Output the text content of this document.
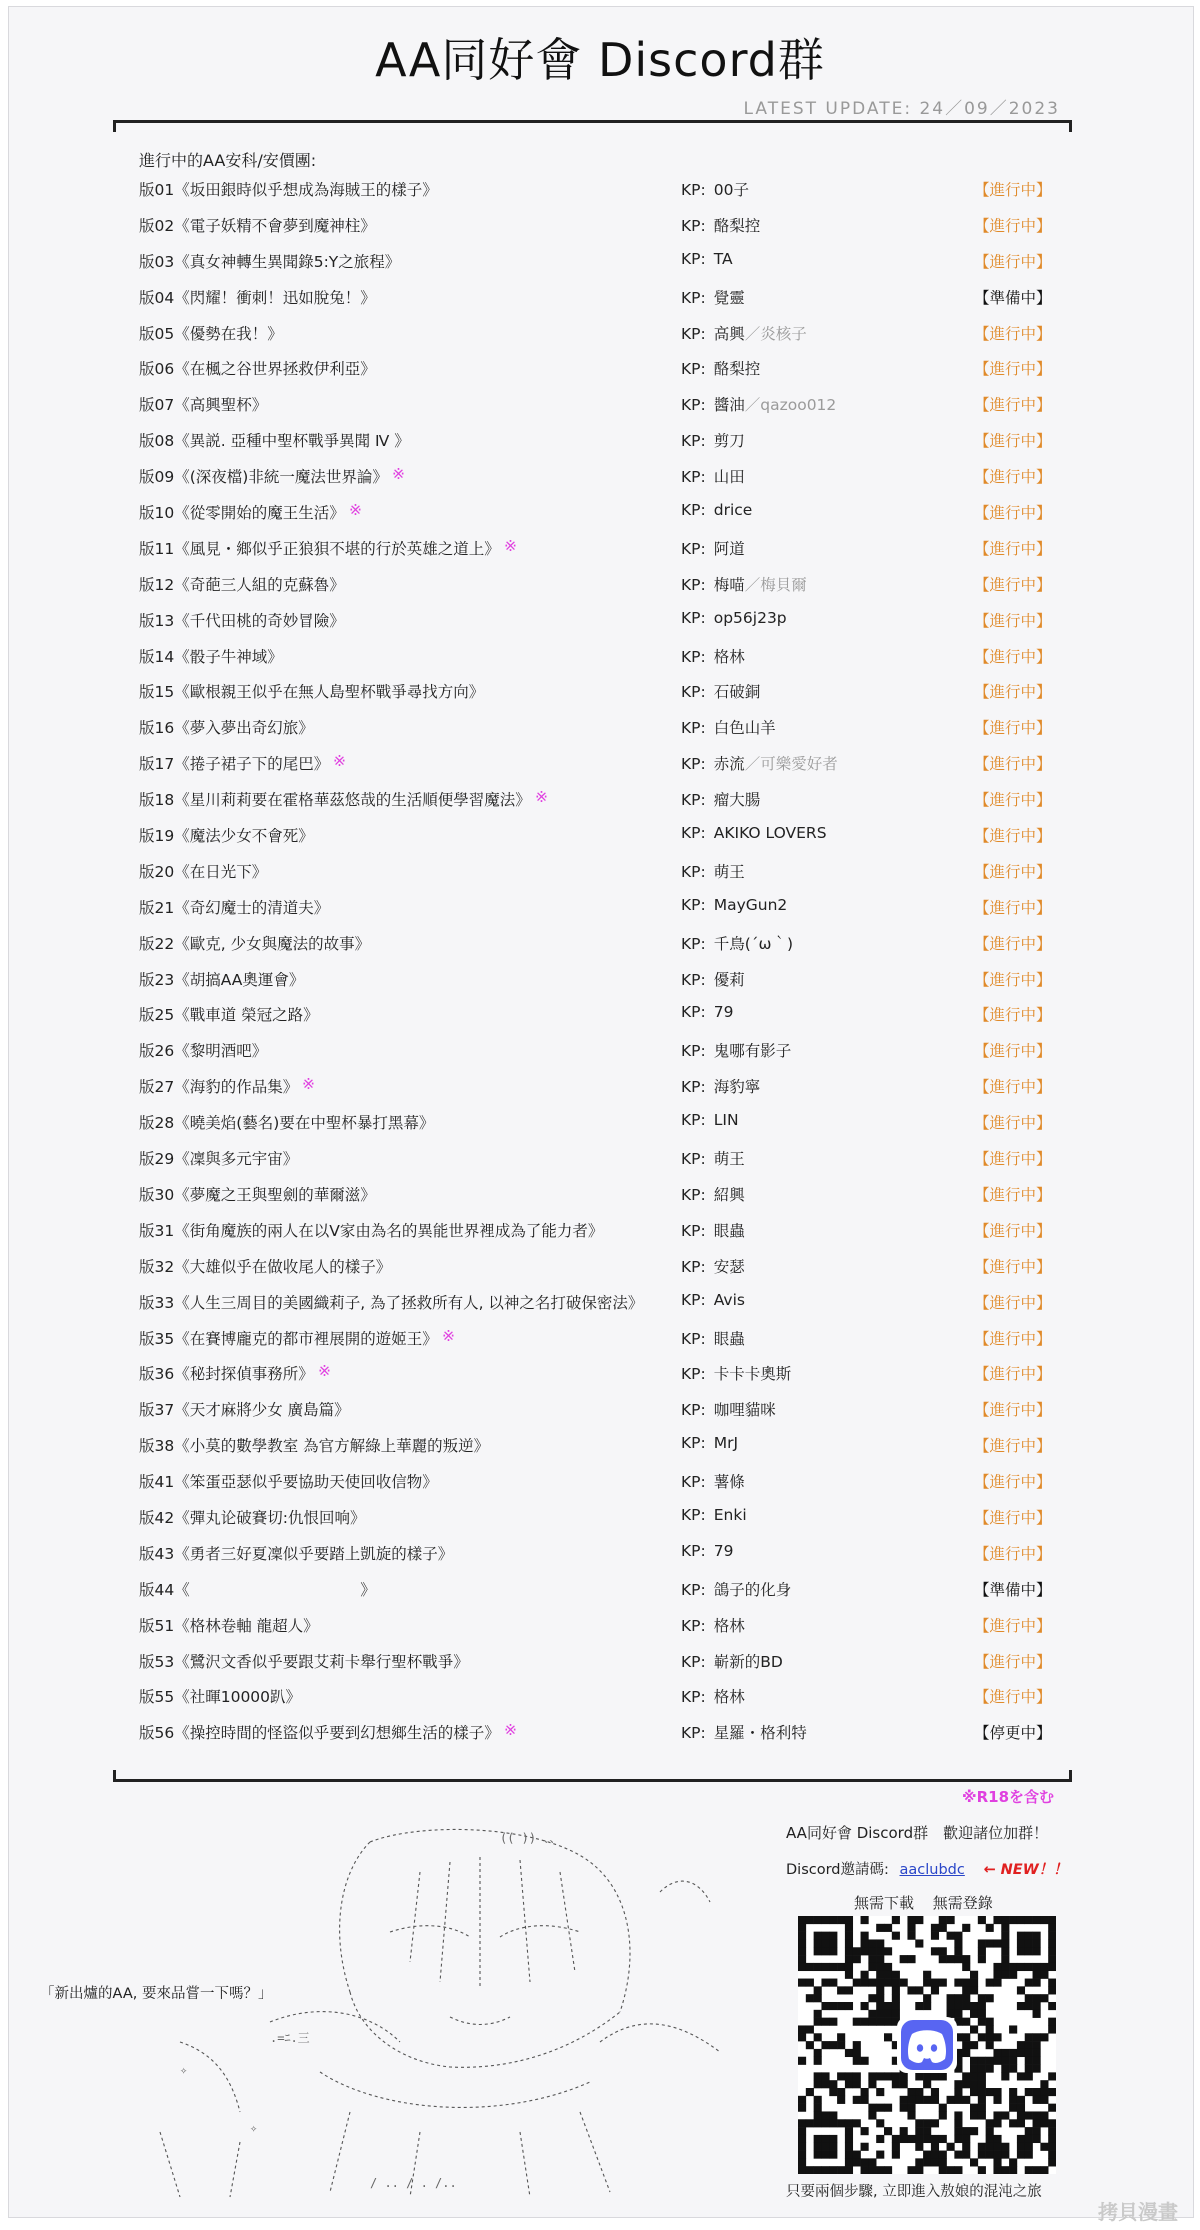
AA同好會 Discord群
LATEST UPDATE: 24／09／2023
進行中的AA安科/安價團:
版01《坂田銀時似乎想成為海賊王的樣子》	KP: 00子	【進行中】
版02《電子妖精不會夢到魔神柱》	KP: 酪梨控	【進行中】
版03《真女神轉生異聞錄5:Y之旅程》	KP: TA	【進行中】
版04《閃耀！衝刺！迅如脫兔！》	KP: 覺靈	【準備中】
版05《優勢在我！》	KP: 高興／炎核子	【進行中】
版06《在楓之谷世界拯救伊利亞》	KP: 酪梨控	【進行中】
版07《高興聖杯》	KP: 醬油／qazoo012	【進行中】
版08《異説. 亞種中聖杯戰爭異聞 Ⅳ 》	KP: 剪刀	【進行中】
版09《(深夜檔)非統一魔法世界論》 ※	KP: 山田	【進行中】
版10《從零開始的魔王生活》 ※	KP: drice	【進行中】
版11《風見・鄉似乎正狼狽不堪的行於英雄之道上》 ※	KP: 阿道	【進行中】
版12《奇葩三人組的克蘇魯》	KP: 梅喵／梅貝爾	【進行中】
版13《千代田桃的奇妙冒險》	KP: op56j23p	【進行中】
版14《骰子牛神域》	KP: 格林	【進行中】
版15《歐根親王似乎在無人島聖杯戰爭尋找方向》	KP: 石破銅	【進行中】
版16《夢入夢出奇幻旅》	KP: 白色山羊	【進行中】
版17《捲子裙子下的尾巴》 ※	KP: 赤流／可樂愛好者	【進行中】
版18《星川莉莉要在霍格華茲悠哉的生活順便學習魔法》 ※	KP: 瘤大腸	【進行中】
版19《魔法少女不會死》	KP: AKIKO LOVERS	【進行中】
版20《在日光下》	KP: 萌王	【進行中】
版21《奇幻魔士的清道夫》	KP: MayGun2	【進行中】
版22《歐克, 少女與魔法的故事》	KP: 千鳥(´ω｀)	【進行中】
版23《胡搞AA奧運會》	KP: 優莉	【進行中】
版25《戰車道 榮冠之路》	KP: 79	【進行中】
版26《黎明酒吧》	KP: 鬼哪有影子	【進行中】
版27《海豹的作品集》 ※	KP: 海豹寧	【進行中】
版28《曉美焰(藝名)要在中聖杯暴打黑幕》	KP: LIN	【進行中】
版29《凜與多元宇宙》	KP: 萌王	【進行中】
版30《夢魔之王與聖劍的華爾滋》	KP: 紹興	【進行中】
版31《街角魔族的兩人在以V家由為名的異能世界裡成為了能力者》	KP: 眼蟲	【進行中】
版32《大雄似乎在做收尾人的樣子》	KP: 安瑟	【進行中】
版33《人生三周目的美國織莉子, 為了拯救所有人, 以神之名打破保密法》 KP: Avis	【進行中】
版35《在賽博龐克的都市裡展開的遊姬王》 ※	KP: 眼蟲	【進行中】
版36《秘封探偵事務所》 ※	KP: 卡卡卡奧斯	【進行中】
版37《天才麻將少女 廣島篇》	KP: 咖哩貓咪	【進行中】
版38《小莫的數學教室 為官方解綠上華麗的叛逆》	KP: MrJ	【進行中】
版41《笨蛋亞瑟似乎要協助天使回收信物》	KP: 薯條	【進行中】
版42《彈丸论破賽切:仇恨回响》	KP: Enki	【進行中】
版43《勇者三好夏凜似乎要踏上凱旋的樣子》	KP: 79	【進行中】
版44《　　　　　　　　　　　》	KP: 鴿子的化身	【準備中】
版51《格林卷軸 龍超人》	KP: 格林	【進行中】
版53《鷺沢文香似乎要跟艾莉卡舉行聖杯戰爭》	KP: 嶄新的BD	【進行中】
版55《社暉10000趴》	KP: 格林	【進行中】
版56《操控時間的怪盜似乎要到幻想鄉生活的樣子》 ※	KP: 星羅・格利特	【停更中】
※R18を含む
(( )) 、、
✧
✧
.=ﾆ.三
/ .. / . /..
「新出爐的AA, 要來品嘗一下嗎？」
AA同好會 Discord群　歡迎諸位加群！
Discord邀請碼: aaclubdc ← NEW！！
無需下載 無需登錄
只要兩個步驟, 立即進入敖娘的混沌之旅
拷貝漫畫
